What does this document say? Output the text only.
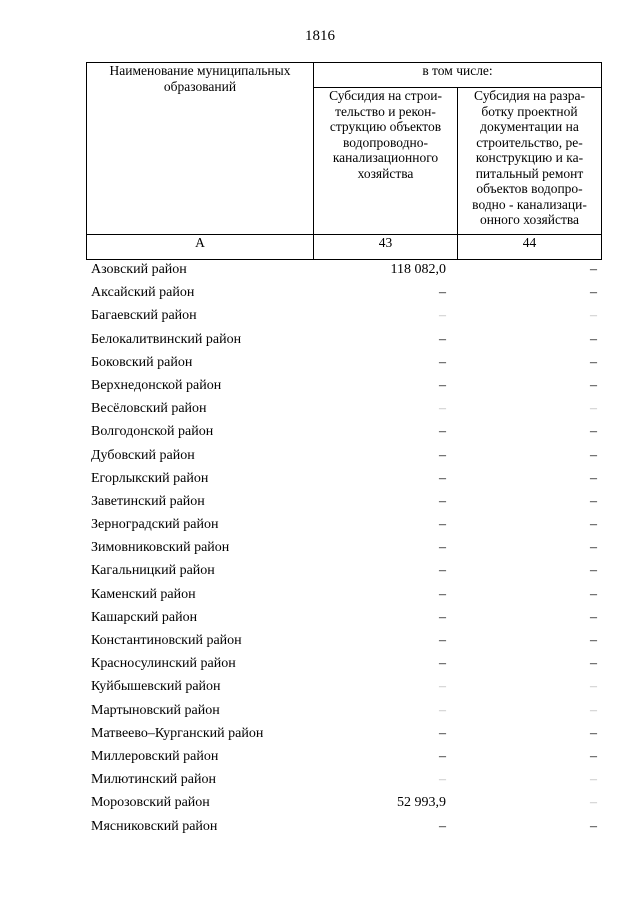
1816
Наименование муниципальных образований	в том числе:	
	Субсидия на строи-тельство и рекон-струкцию объектов водопроводно-канализационного хозяйства	Субсидия на разра-ботку проектной документации на строительство, ре-конструкцию и ка-питальный ремонт объектов водопро-водно - канализаци-онного хозяйства
А	43	44
Азовский район	118 082,0	–
Аксайский район	–	–
Багаевский район	–	–
Белокалитвинский район	–	–
Боковский район	–	–
Верхнедонской район	–	–
Весёловский район	–	–
Волгодонской район	–	–
Дубовский район	–	–
Егорлыкский район	–	–
Заветинский район	–	–
Зерноградский район	–	–
Зимовниковский район	–	–
Кагальницкий район	–	–
Каменский район	–	–
Кашарский район	–	–
Константиновский район	–	–
Красносулинский район	–	–
Куйбышевский район	–	–
Мартыновский район	–	–
Матвеево–Курганский район	–	–
Миллеровский район	–	–
Милютинский район	–	–
Морозовский район	52 993,9	–
Мясниковский район	–	–
